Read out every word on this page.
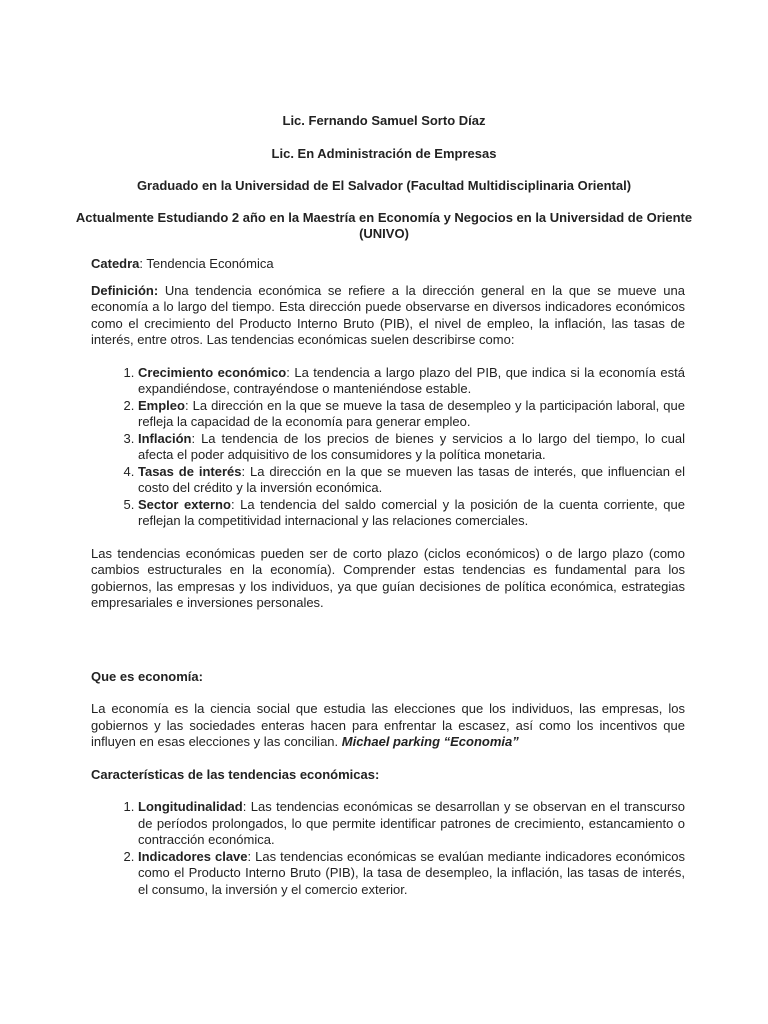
Lic. Fernando Samuel Sorto Díaz

Lic. En Administración de Empresas

Graduado en la Universidad de El Salvador (Facultad Multidisciplinaria Oriental)

Actualmente Estudiando 2 año en la Maestría en Economía y Negocios en la Universidad de Oriente (UNIVO)

Catedra: Tendencia Económica

Definición: Una tendencia económica se refiere a la dirección general en la que se mueve una economía a lo largo del tiempo. Esta dirección puede observarse en diversos indicadores económicos como el crecimiento del Producto Interno Bruto (PIB), el nivel de empleo, la inflación, las tasas de interés, entre otros. Las tendencias económicas suelen describirse como:

1. Crecimiento económico: La tendencia a largo plazo del PIB, que indica si la economía está expandiéndose, contrayéndose o manteniéndose estable.
2. Empleo: La dirección en la que se mueve la tasa de desempleo y la participación laboral, que refleja la capacidad de la economía para generar empleo.
3. Inflación: La tendencia de los precios de bienes y servicios a lo largo del tiempo, lo cual afecta el poder adquisitivo de los consumidores y la política monetaria.
4. Tasas de interés: La dirección en la que se mueven las tasas de interés, que influencian el costo del crédito y la inversión económica.
5. Sector externo: La tendencia del saldo comercial y la posición de la cuenta corriente, que reflejan la competitividad internacional y las relaciones comerciales.

Las tendencias económicas pueden ser de corto plazo (ciclos económicos) o de largo plazo (como cambios estructurales en la economía). Comprender estas tendencias es fundamental para los gobiernos, las empresas y los individuos, ya que guían decisiones de política económica, estrategias empresariales e inversiones personales.

Que es economía:

La economía es la ciencia social que estudia las elecciones que los individuos, las empresas, los gobiernos y las sociedades enteras hacen para enfrentar la escasez, así como los incentivos que influyen en esas elecciones y las concilian. Michael parking “Economia”

Características de las tendencias económicas:

1. Longitudinalidad: Las tendencias económicas se desarrollan y se observan en el transcurso de períodos prolongados, lo que permite identificar patrones de crecimiento, estancamiento o contracción económica.
2. Indicadores clave: Las tendencias económicas se evalúan mediante indicadores económicos como el Producto Interno Bruto (PIB), la tasa de desempleo, la inflación, las tasas de interés, el consumo, la inversión y el comercio exterior.
